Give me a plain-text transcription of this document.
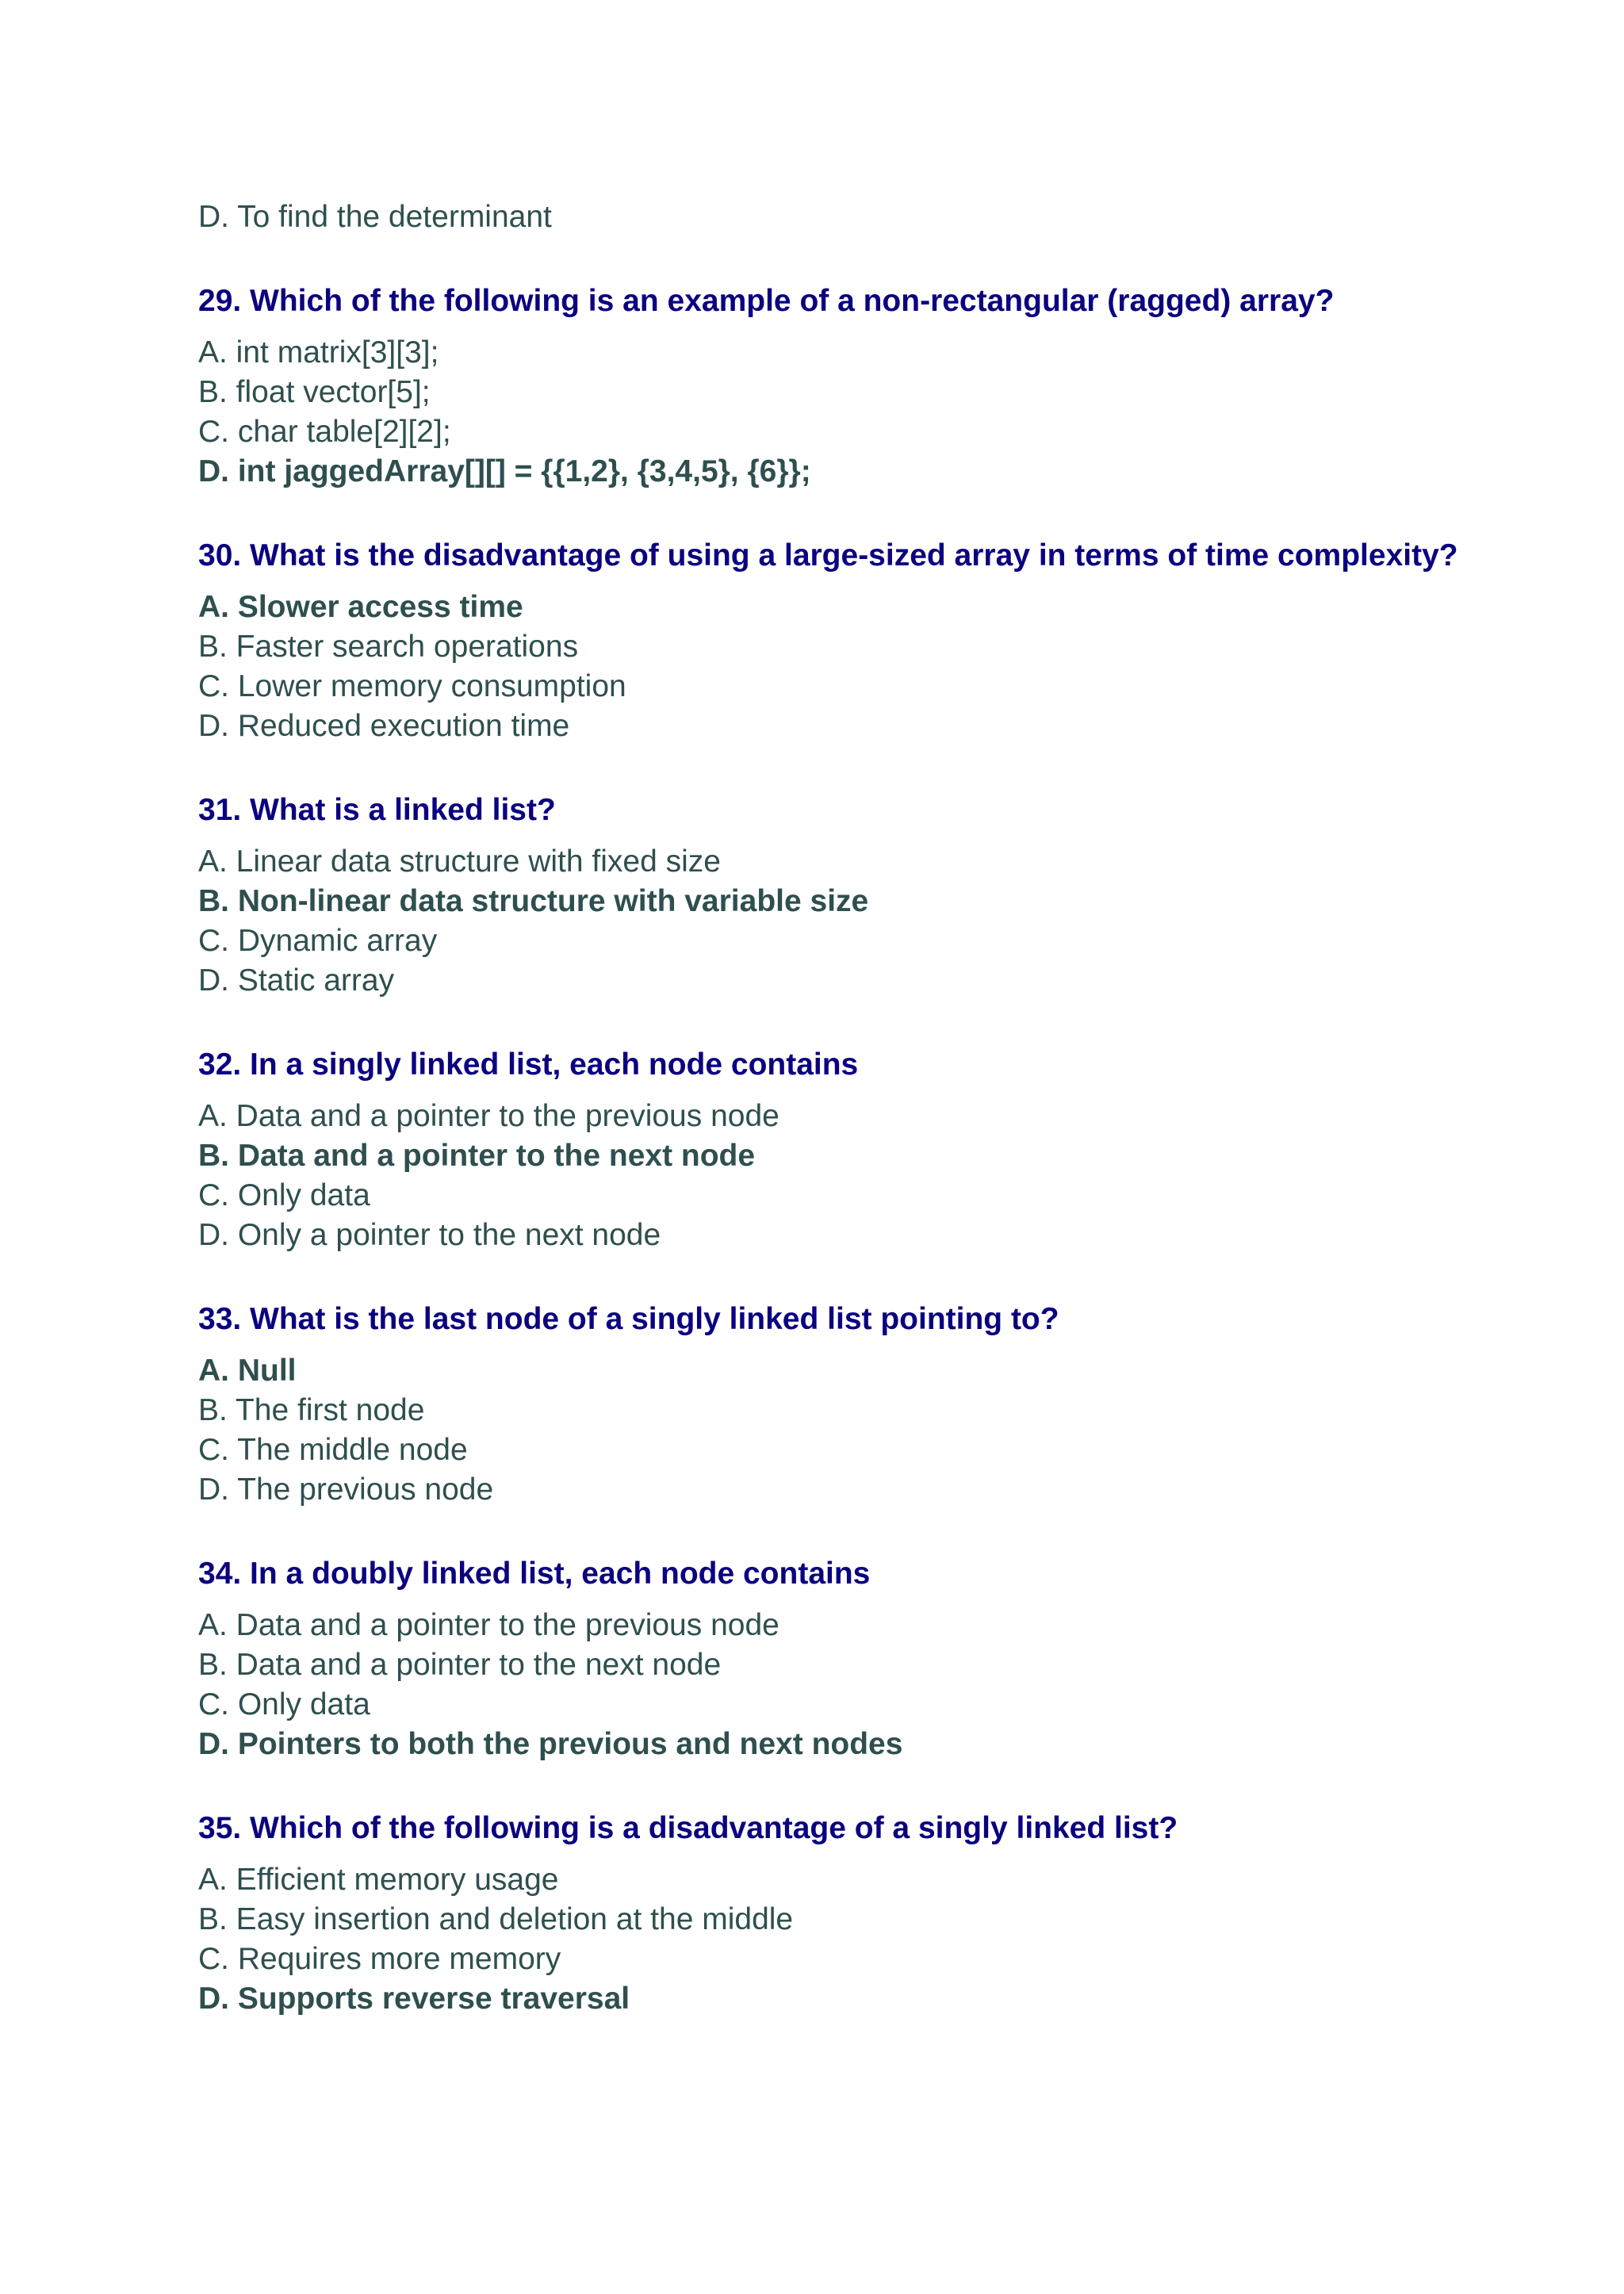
D. To find the determinant
29. Which of the following is an example of a non-rectangular (ragged) array?
A. int matrix[3][3];
B. float vector[5];
C. char table[2][2];
D. int jaggedArray[][] = {{1,2}, {3,4,5}, {6}};
30. What is the disadvantage of using a large-sized array in terms of time complexity?
A. Slower access time
B. Faster search operations
C. Lower memory consumption
D. Reduced execution time
31. What is a linked list?
A. Linear data structure with fixed size
B. Non-linear data structure with variable size
C. Dynamic array
D. Static array
32. In a singly linked list, each node contains
A. Data and a pointer to the previous node
B. Data and a pointer to the next node
C. Only data
D. Only a pointer to the next node
33. What is the last node of a singly linked list pointing to?
A. Null
B. The first node
C. The middle node
D. The previous node
34. In a doubly linked list, each node contains
A. Data and a pointer to the previous node
B. Data and a pointer to the next node
C. Only data
D. Pointers to both the previous and next nodes
35. Which of the following is a disadvantage of a singly linked list?
A. Efficient memory usage
B. Easy insertion and deletion at the middle
C. Requires more memory
D. Supports reverse traversal
